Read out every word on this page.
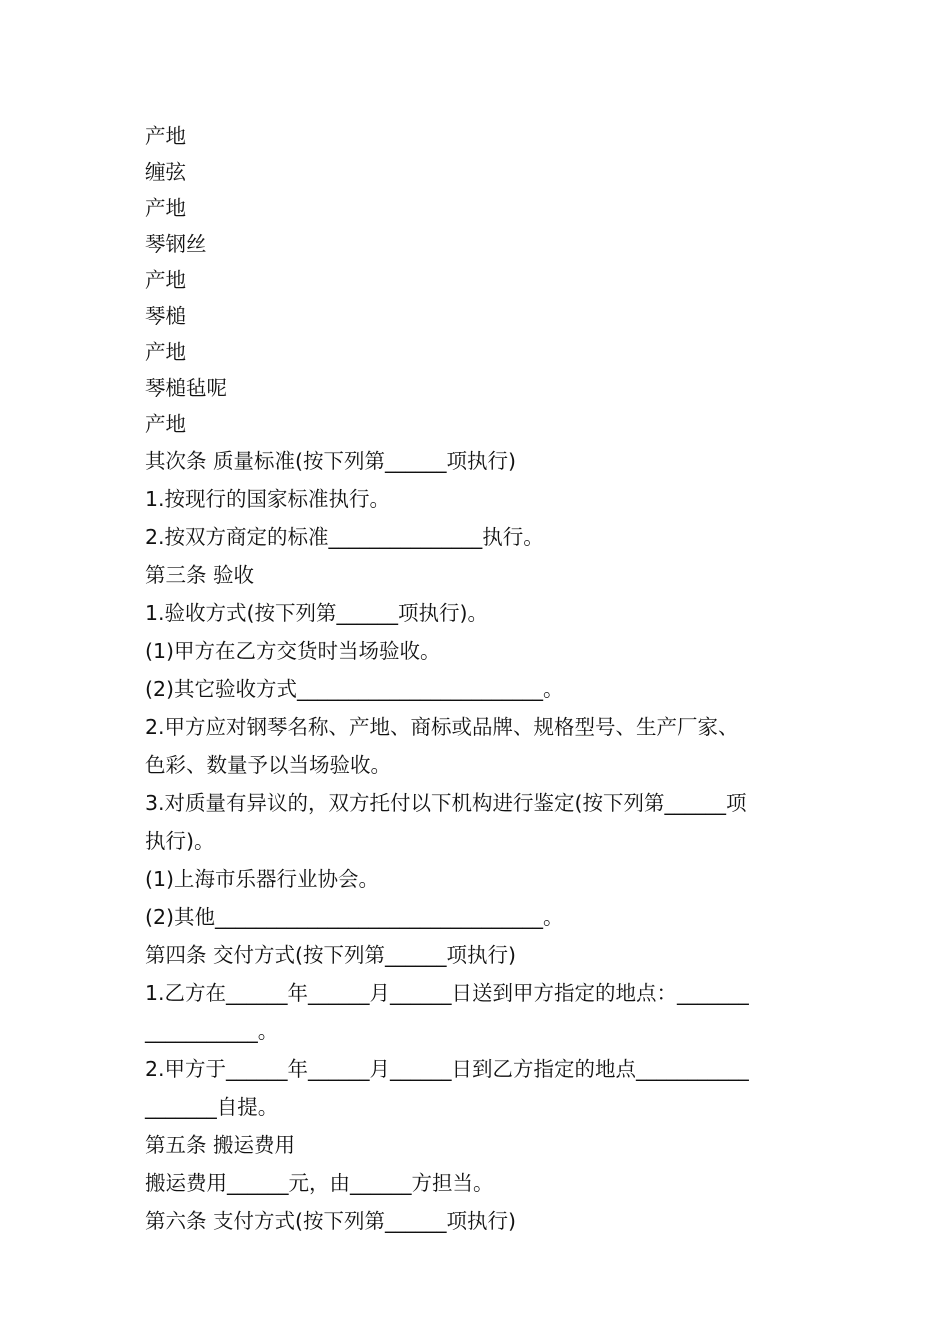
产地
缠弦
产地
琴钢丝
产地
琴槌
产地
琴槌毡呢
产地
其次条 质量标准(按下列第______项执行)
1.按现行的国家标准执行。
2.按双方商定的标准_______________执行。
第三条 验收
1.验收方式(按下列第______项执行)。
(1)甲方在乙方交货时当场验收。
(2)其它验收方式________________________。
2.甲方应对钢琴名称、产地、商标或品牌、规格型号、生产厂家、
色彩、数量予以当场验收。
3.对质量有异议的，双方托付以下机构进行鉴定(按下列第______项
执行)。
(1)上海市乐器行业协会。
(2)其他________________________________。
第四条 交付方式(按下列第______项执行)
1.乙方在______年______月______日送到甲方指定的地点：_______
___________。
2.甲方于______年______月______日到乙方指定的地点___________
_______自提。
第五条 搬运费用
搬运费用______元，由______方担当。
第六条 支付方式(按下列第______项执行)
